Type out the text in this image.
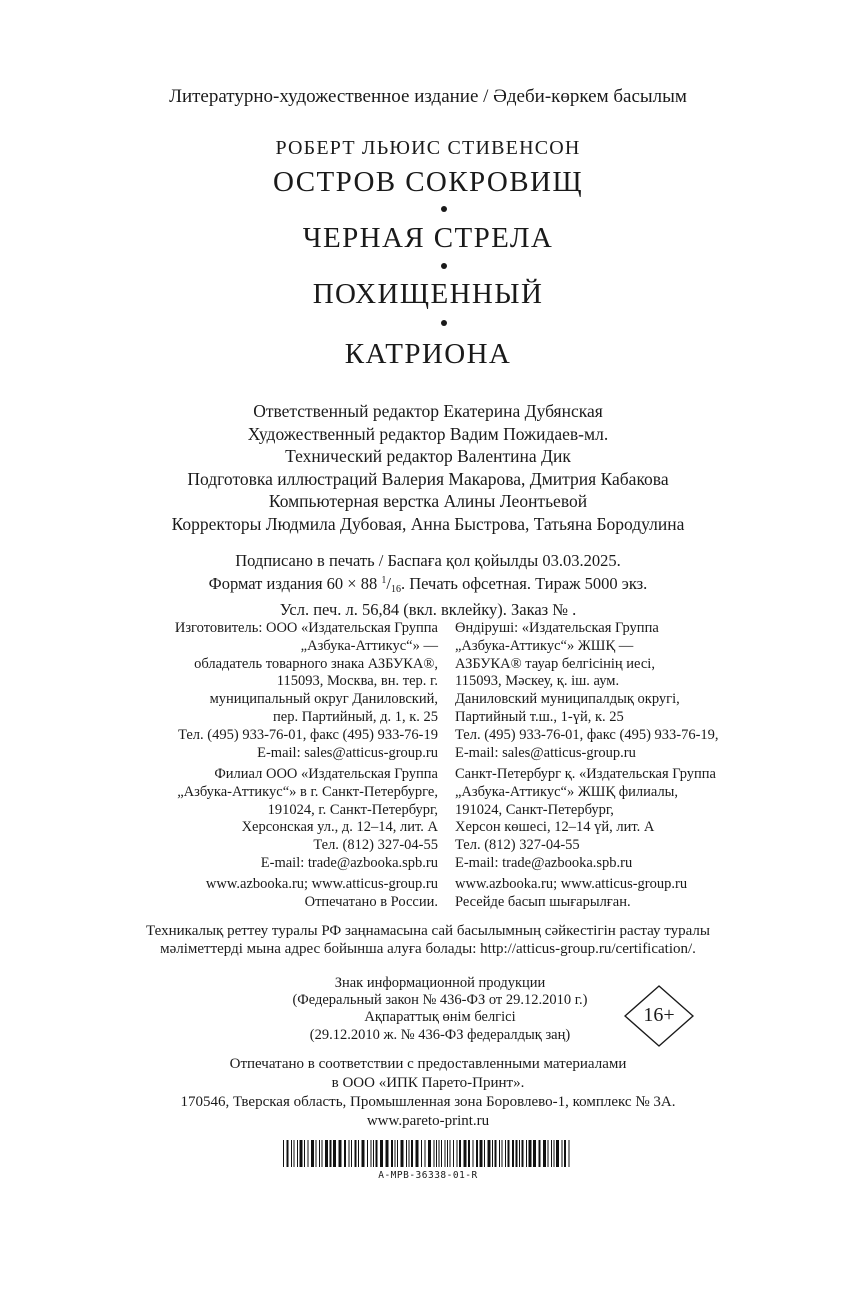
Литературно-художественное издание / Әдеби-көркем басылым
РОБЕРТ ЛЬЮИС СТИВЕНСОН
ОСТРОВ СОКРОВИЩ
ЧЕРНАЯ СТРЕЛА
ПОХИЩЕННЫЙ
КАТРИОНА
Ответственный редактор Екатерина Дубянская
Художественный редактор Вадим Пожидаев-мл.
Технический редактор Валентина Дик
Подготовка иллюстраций Валерия Макарова, Дмитрия Кабакова
Компьютерная верстка Алины Леонтьевой
Корректоры Людмила Дубовая, Анна Быстрова, Татьяна Бородулина
Подписано в печать / Баспаға қол қойылды 03.03.2025.
Формат издания 60 × 88 $^1$/16. Печать офсетная. Тираж 5000 экз.
Усл. печ. л. 56,84 (вкл. вклейку). Заказ № .
Изготовитель: ООО «Издательская Группа
„Азбука-Аттикус“» —
обладатель товарного знака АЗБУКА®,
115093, Москва, вн. тер. г.
муниципальный округ Даниловский,
пер. Партийный, д. 1, к. 25
Тел. (495) 933-76-01, факс (495) 933-76-19
E-mail: sales@atticus-group.ru
Өндіруші: «Издательская Группа
„Азбука-Аттикус“» ЖШҚ —
АЗБУКА® тауар белгісінің иесі,
115093, Мәскеу, қ. іш. аум.
Даниловский муниципалдық округі,
Партийный т.ш., 1-үй, к. 25
Тел. (495) 933-76-01, факс (495) 933-76-19,
E-mail: sales@atticus-group.ru
Филиал ООО «Издательская Группа
„Азбука-Аттикус“» в г. Санкт-Петербурге,
191024, г. Санкт-Петербург,
Херсонская ул., д. 12–14, лит. А
Тел. (812) 327-04-55
E-mail: trade@azbooka.spb.ru
Санкт-Петербург қ. «Издательская Группа
„Азбука-Аттикус“» ЖШҚ филиалы,
191024, Санкт-Петербург,
Херсон көшесі, 12–14 үй, лит. А
Тел. (812) 327-04-55
E-mail: trade@azbooka.spb.ru
www.azbooka.ru; www.atticus-group.ru
Отпечатано в России.
www.azbooka.ru; www.atticus-group.ru
Ресейде басып шығарылған.
Техникалық реттеу туралы РФ заңнамасына сай басылымның сәйкестігін растау туралы
мәліметтерді мына адрес бойынша алуға болады: http://atticus-group.ru/certification/.
Знак информационной продукции
(Федеральный закон № 436-ФЗ от 29.12.2010 г.)
Ақпараттық өнім белгісі
(29.12.2010 ж. № 436-ФЗ федералдық заң)
16+
Отпечатано в соответствии с предоставленными материалами
в ООО «ИПК Парето-Принт».
170546, Тверская область, Промышленная зона Боровлево-1, комплекс № 3А.
www.pareto-print.ru
A-MPB-36338-01-R
